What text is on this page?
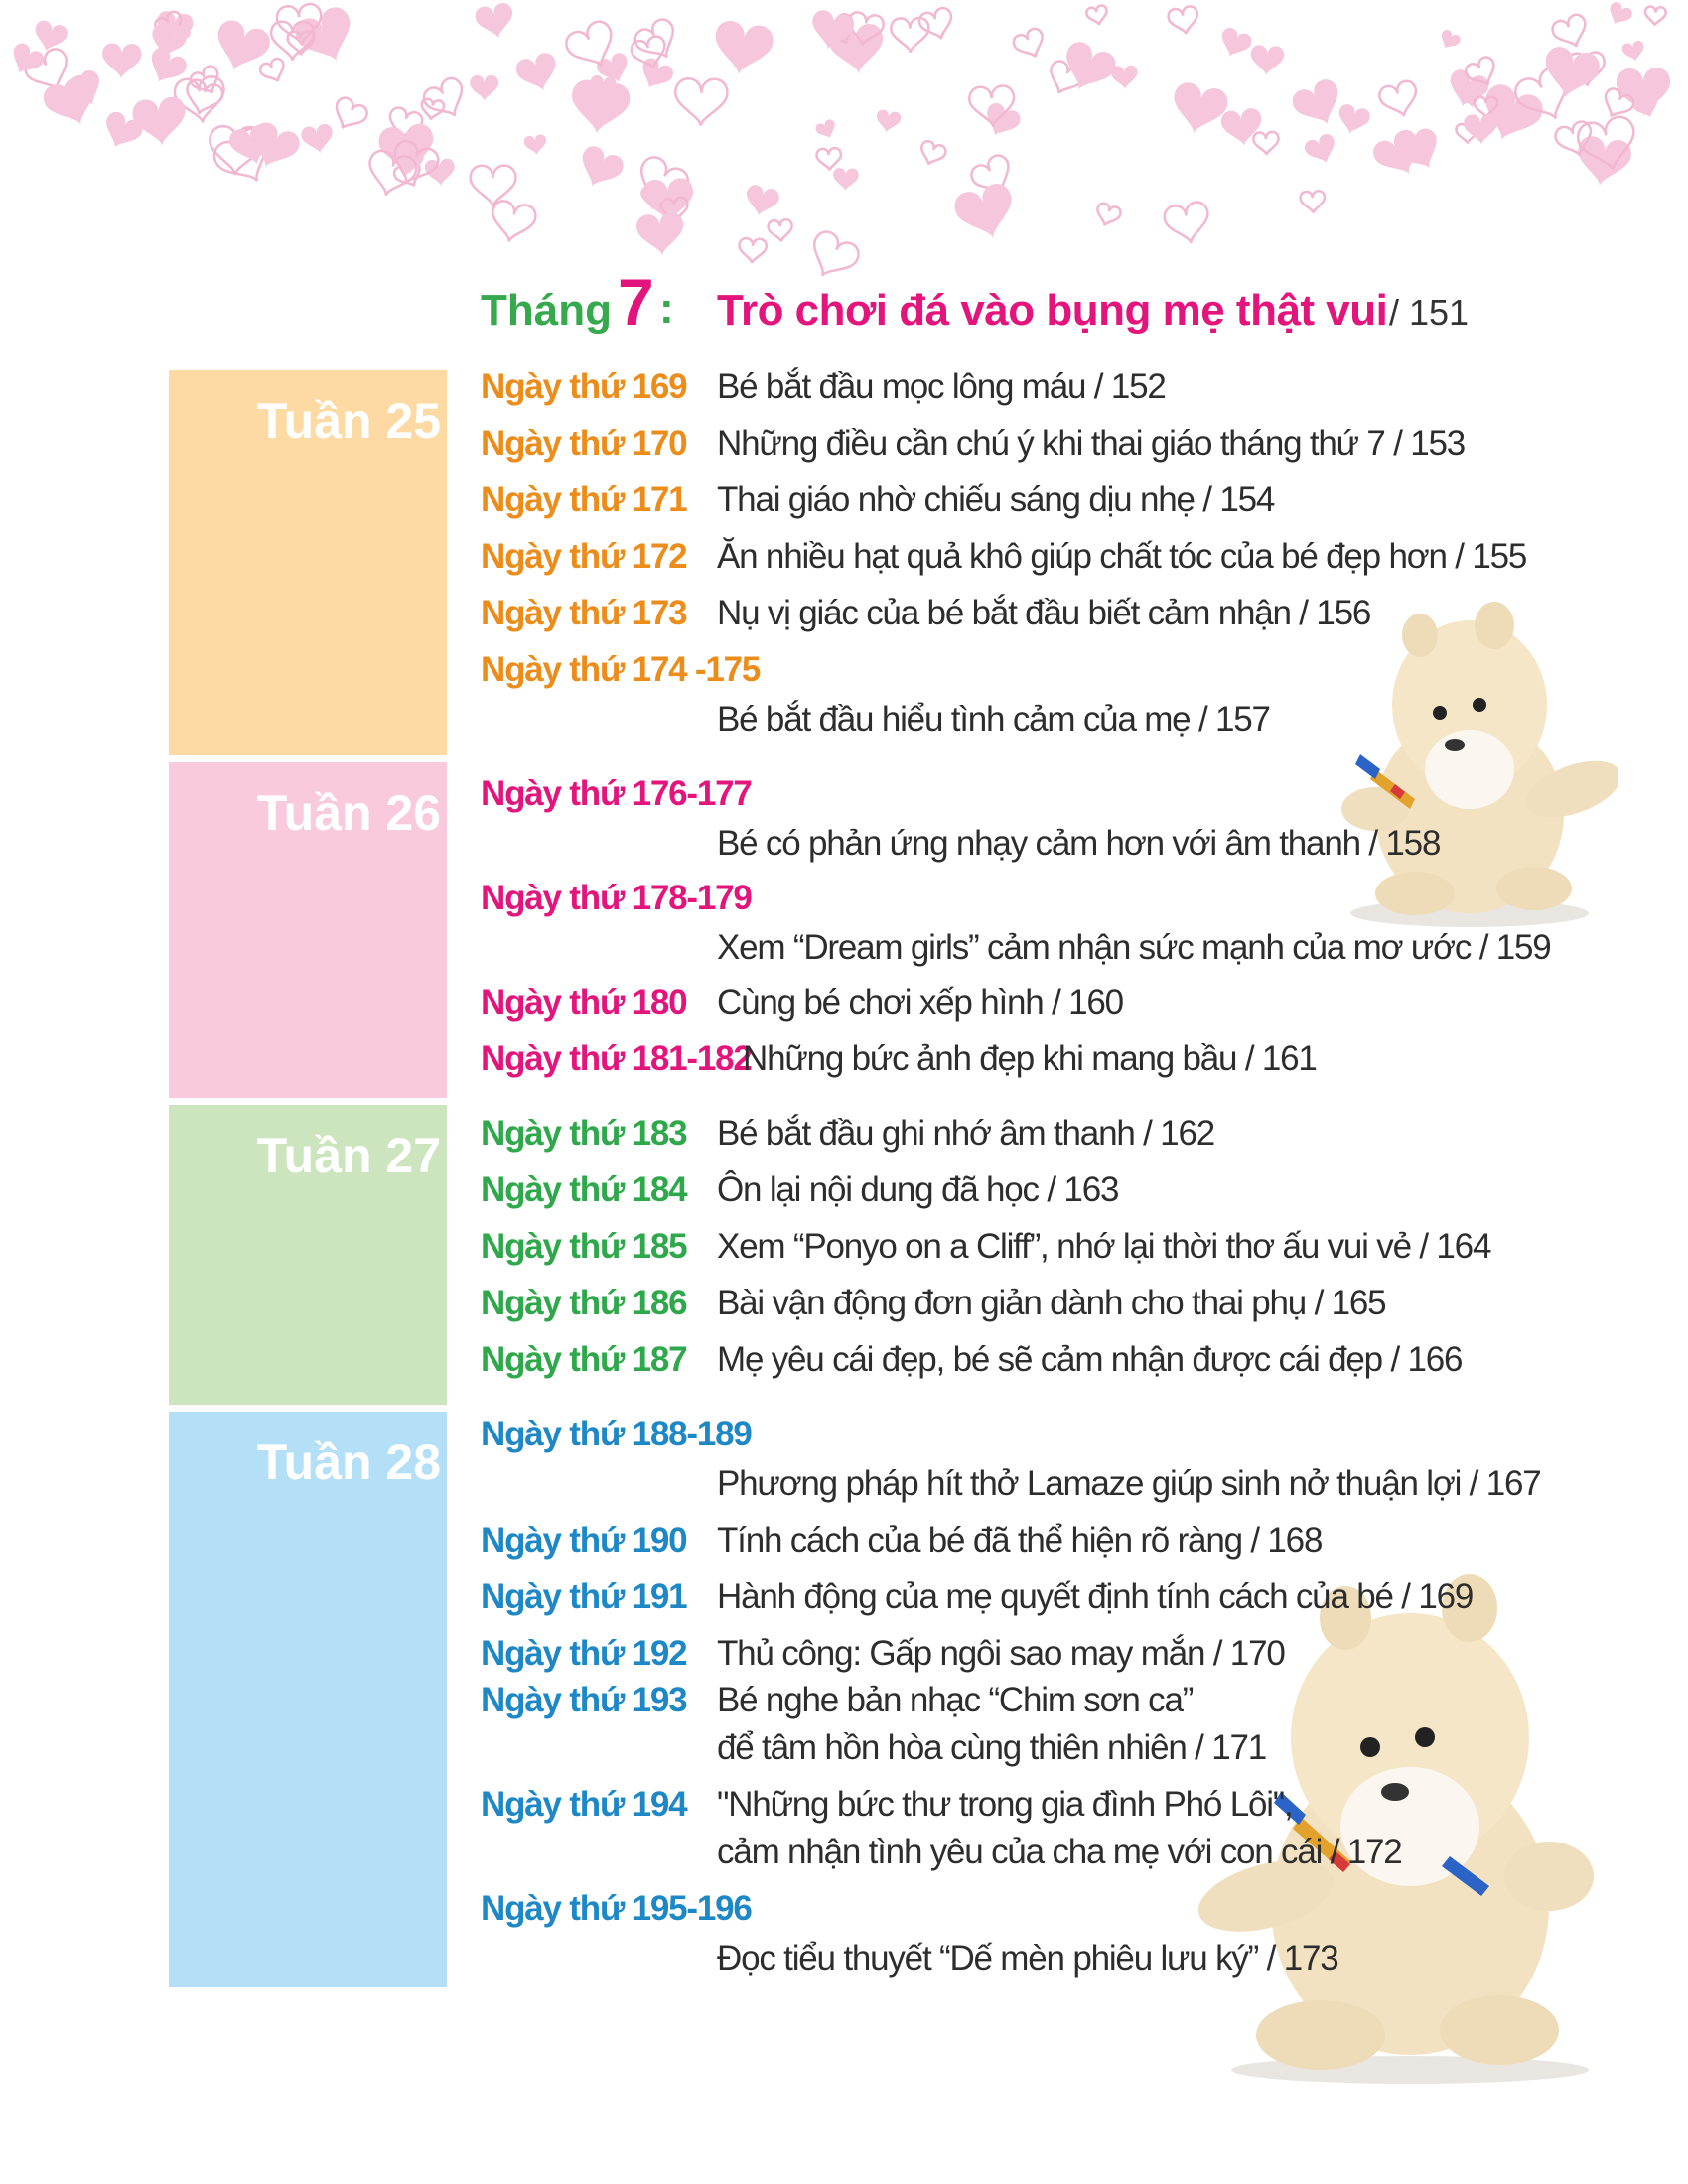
Tháng 7 : Trò chơi đá vào bụng mẹ thật vui / 151
Tuần 25
Tuần 26
Tuần 27
Tuần 28
Ngày thứ 169 Bé bắt đầu mọc lông máu / 152
Ngày thứ 170 Những điều cần chú ý khi thai giáo tháng thứ 7 / 153
Ngày thứ 171 Thai giáo nhờ chiếu sáng dịu nhẹ / 154
Ngày thứ 172 Ăn nhiều hạt quả khô giúp chất tóc của bé đẹp hơn / 155
Ngày thứ 173 Nụ vị giác của bé bắt đầu biết cảm nhận / 156
Ngày thứ 174 -175
Bé bắt đầu hiểu tình cảm của mẹ / 157
Ngày thứ 176-177
Bé có phản ứng nhạy cảm hơn với âm thanh / 158
Ngày thứ 178-179
Xem “Dream girls” cảm nhận sức mạnh của mơ ước / 159
Ngày thứ 180 Cùng bé chơi xếp hình / 160
Ngày thứ 181-182
Những bức ảnh đẹp khi mang bầu / 161
Ngày thứ 183 Bé bắt đầu ghi nhớ âm thanh / 162
Ngày thứ 184 Ôn lại nội dung đã học / 163
Ngày thứ 185 Xem “Ponyo on a Cliff”, nhớ lại thời thơ ấu vui vẻ / 164
Ngày thứ 186 Bài vận động đơn giản dành cho thai phụ / 165
Ngày thứ 187 Mẹ yêu cái đẹp, bé sẽ cảm nhận được cái đẹp / 166
Ngày thứ 188-189
Phương pháp hít thở Lamaze giúp sinh nở thuận lợi / 167
Ngày thứ 190 Tính cách của bé đã thể hiện rõ ràng / 168
Ngày thứ 191 Hành động của mẹ quyết định tính cách của bé / 169
Ngày thứ 192 Thủ công: Gấp ngôi sao may mắn / 170
Ngày thứ 193 Bé nghe bản nhạc “Chim sơn ca”
để tâm hồn hòa cùng thiên nhiên / 171
Ngày thứ 194 "Những bức thư trong gia đình Phó Lôi",
cảm nhận tình yêu của cha mẹ với con cái / 172
Ngày thứ 195-196
Đọc tiểu thuyết “Dế mèn phiêu lưu ký” / 173
